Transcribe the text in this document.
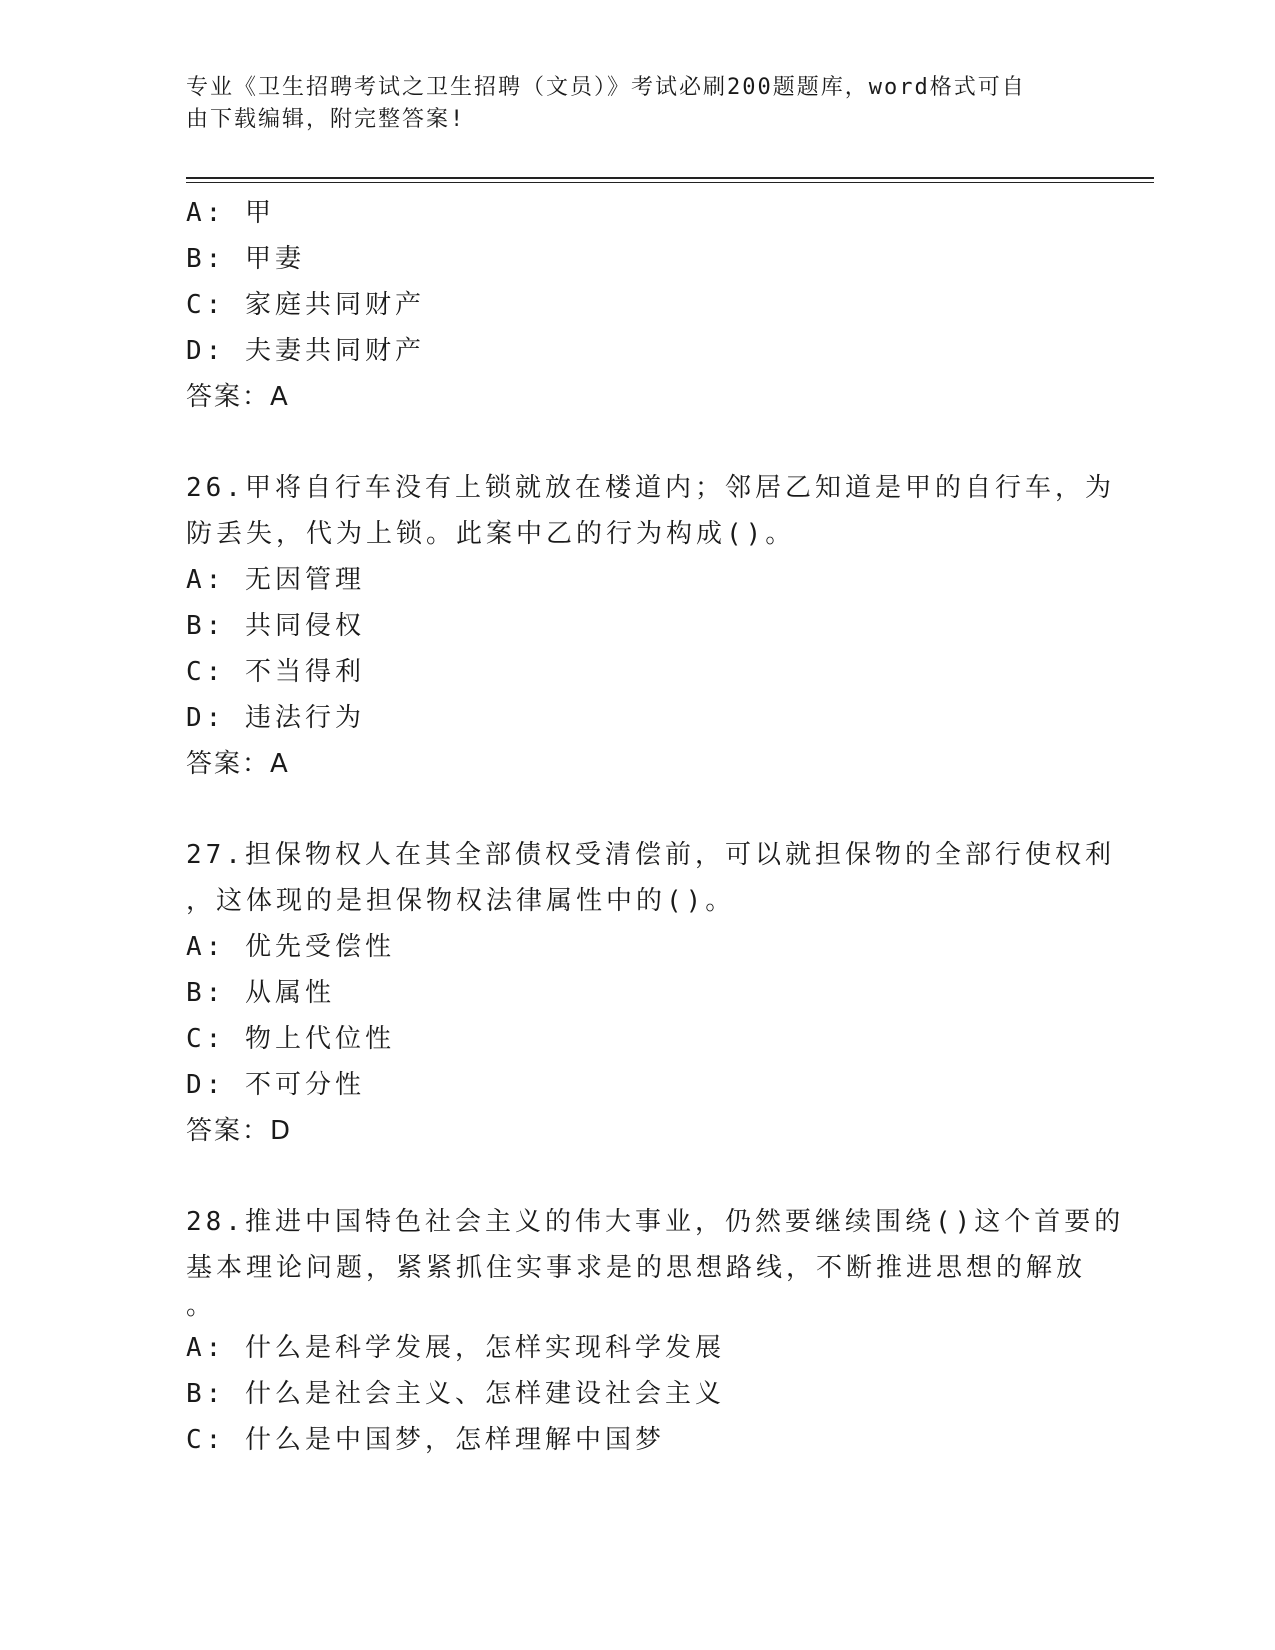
专业《卫生招聘考试之卫生招聘（文员）》考试必刷200题题库，word格式可自
由下载编辑，附完整答案!
A: 甲
B: 甲妻
C: 家庭共同财产
D: 夫妻共同财产
答案：A
26.甲将自行车没有上锁就放在楼道内；邻居乙知道是甲的自行车，为
防丢失，代为上锁。此案中乙的行为构成()。
A: 无因管理
B: 共同侵权
C: 不当得利
D: 违法行为
答案：A
27.担保物权人在其全部债权受清偿前，可以就担保物的全部行使权利
，这体现的是担保物权法律属性中的()。
A: 优先受偿性
B: 从属性
C: 物上代位性
D: 不可分性
答案：D
28.推进中国特色社会主义的伟大事业，仍然要继续围绕()这个首要的
基本理论问题，紧紧抓住实事求是的思想路线，不断推进思想的解放
。
A: 什么是科学发展，怎样实现科学发展
B: 什么是社会主义、怎样建设社会主义
C: 什么是中国梦，怎样理解中国梦
